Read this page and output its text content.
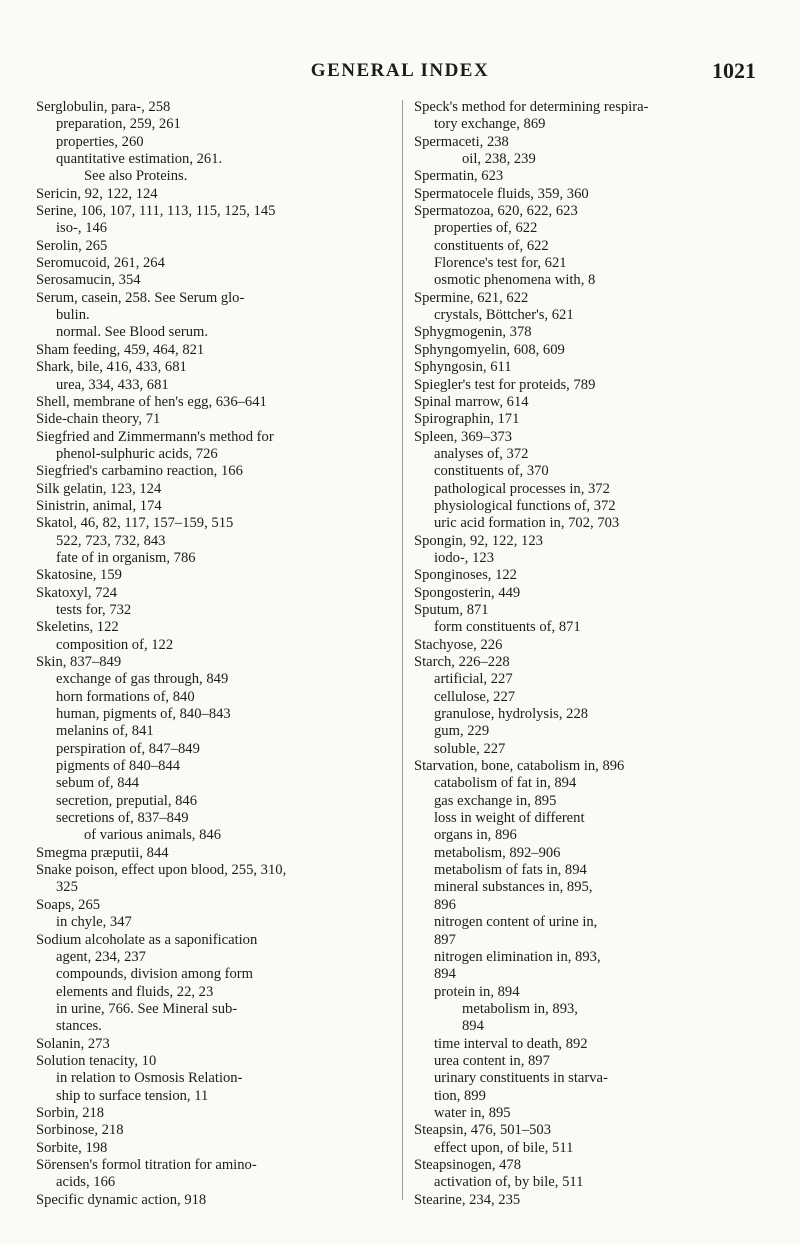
GENERAL INDEX	1021
Serglobulin, para-, 258
preparation, 259, 261
properties, 260
quantitative estimation, 261.
See also Proteins.
Sericin, 92, 122, 124
Serine, 106, 107, 111, 113, 115, 125, 145
iso-, 146
Serolin, 265
Seromucoid, 261, 264
Serosamucin, 354
Serum, casein, 258. See Serum glo-
bulin.
normal. See Blood serum.
Sham feeding, 459, 464, 821
Shark, bile, 416, 433, 681
urea, 334, 433, 681
Shell, membrane of hen's egg, 636–641
Side-chain theory, 71
Siegfried and Zimmermann's method for
phenol-sulphuric acids, 726
Siegfried's carbamino reaction, 166
Silk gelatin, 123, 124
Sinistrin, animal, 174
Skatol, 46, 82, 117, 157–159, 515
522, 723, 732, 843
fate of in organism, 786
Skatosine, 159
Skatoxyl, 724
tests for, 732
Skeletins, 122
composition of, 122
Skin, 837–849
exchange of gas through, 849
horn formations of, 840
human, pigments of, 840–843
melanins of, 841
perspiration of, 847–849
pigments of 840–844
sebum of, 844
secretion, preputial, 846
secretions of, 837–849
of various animals, 846
Smegma præputii, 844
Snake poison, effect upon blood, 255, 310,
325
Soaps, 265
in chyle, 347
Sodium alcoholate as a saponification
agent, 234, 237
compounds, division among form
elements and fluids, 22, 23
in urine, 766. See Mineral sub-
stances.
Solanin, 273
Solution tenacity, 10
in relation to Osmosis Relation-
ship to surface tension, 11
Sorbin, 218
Sorbinose, 218
Sorbite, 198
Sörensen's formol titration for amino-
acids, 166
Specific dynamic action, 918
Speck's method for determining respira-
tory exchange, 869
Spermaceti, 238
oil, 238, 239
Spermatin, 623
Spermatocele fluids, 359, 360
Spermatozoa, 620, 622, 623
properties of, 622
constituents of, 622
Florence's test for, 621
osmotic phenomena with, 8
Spermine, 621, 622
crystals, Böttcher's, 621
Sphygmogenin, 378
Sphyngomyelin, 608, 609
Sphyngosin, 611
Spiegler's test for proteids, 789
Spinal marrow, 614
Spirographin, 171
Spleen, 369–373
analyses of, 372
constituents of, 370
pathological processes in, 372
physiological functions of, 372
uric acid formation in, 702, 703
Spongin, 92, 122, 123
iodo-, 123
Sponginoses, 122
Spongosterin, 449
Sputum, 871
form constituents of, 871
Stachyose, 226
Starch, 226–228
artificial, 227
cellulose, 227
granulose, hydrolysis, 228
gum, 229
soluble, 227
Starvation, bone, catabolism in, 896
catabolism of fat in, 894
gas exchange in, 895
loss in weight of different
organs in, 896
metabolism, 892–906
metabolism of fats in, 894
mineral substances in, 895,
896
nitrogen content of urine in,
897
nitrogen elimination in, 893,
894
protein in, 894
metabolism in, 893,
894
time interval to death, 892
urea content in, 897
urinary constituents in starva-
tion, 899
water in, 895
Steapsin, 476, 501–503
effect upon, of bile, 511
Steapsinogen, 478
activation of, by bile, 511
Stearine, 234, 235
